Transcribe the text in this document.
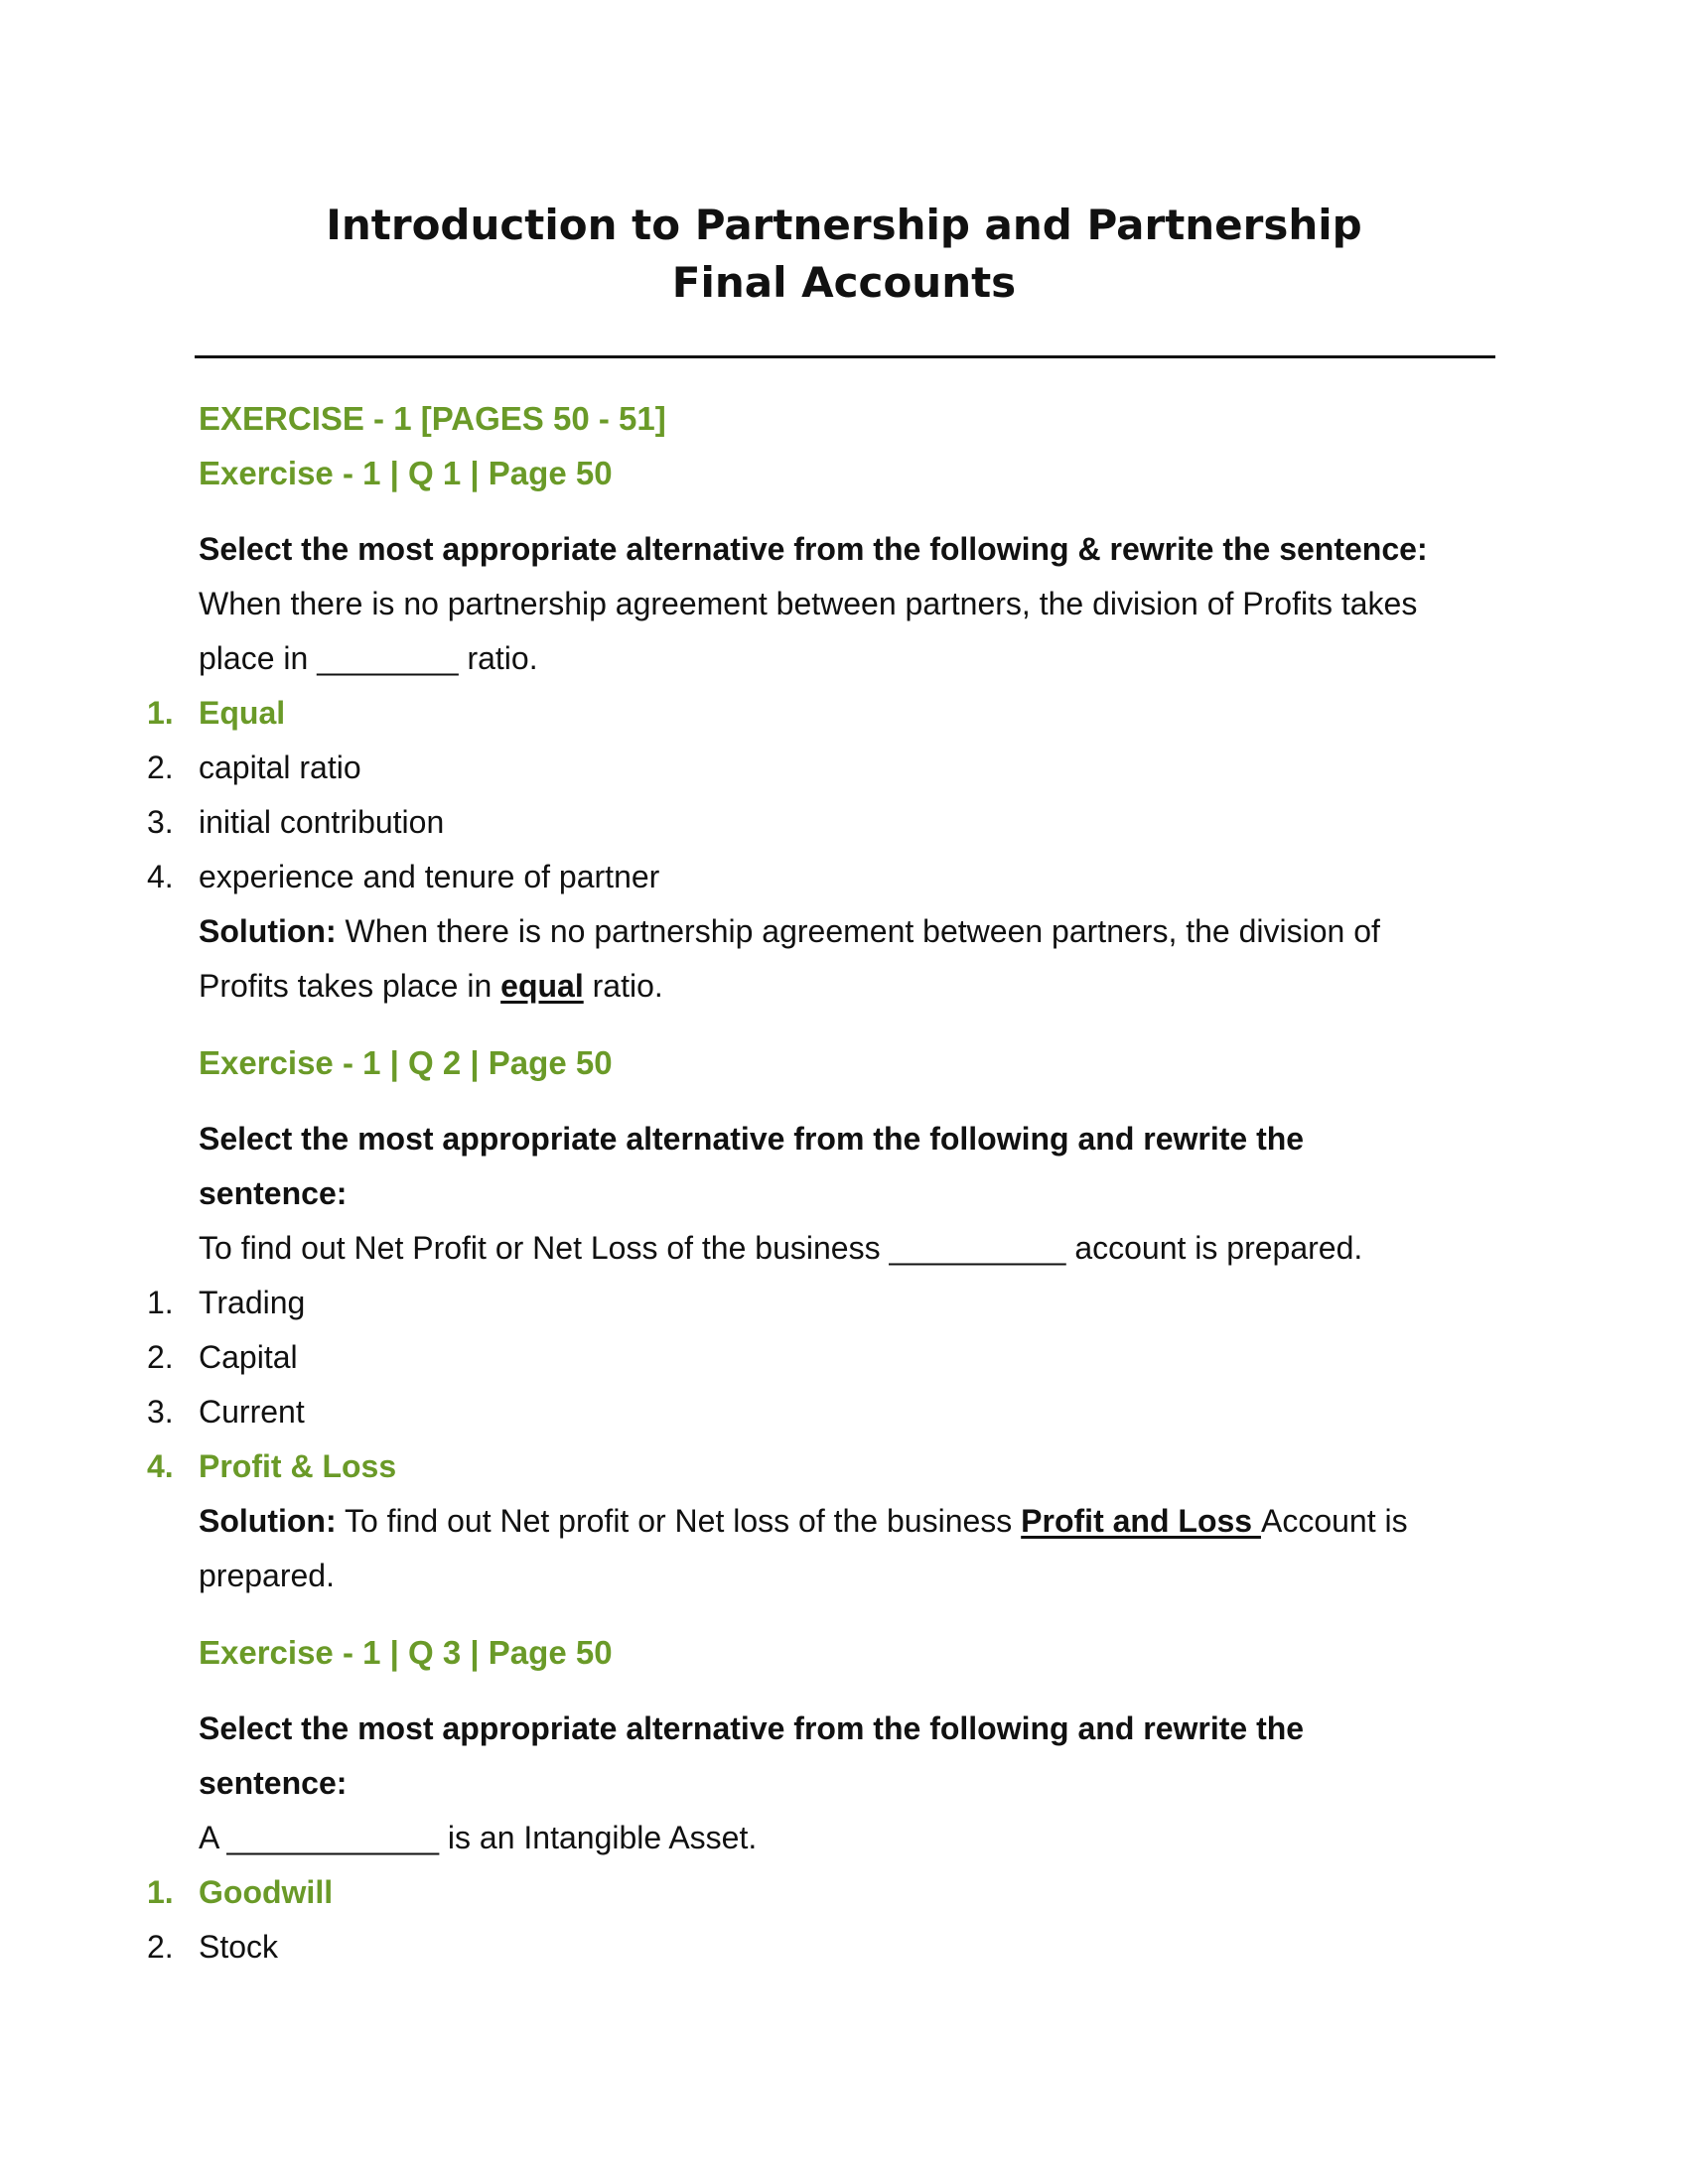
Introduction to Partnership and Partnership
Final Accounts
EXERCISE - 1 [PAGES 50 - 51]
Exercise - 1 | Q 1 | Page 50
Select the most appropriate alternative from the following & rewrite the sentence:
When there is no partnership agreement between partners, the division of Profits takes
place in ________ ratio.
1. Equal
2. capital ratio
3. initial contribution
4. experience and tenure of partner
Solution: When there is no partnership agreement between partners, the division of
Profits takes place in equal ratio.
Exercise - 1 | Q 2 | Page 50
Select the most appropriate alternative from the following and rewrite the
sentence:
To find out Net Profit or Net Loss of the business __________ account is prepared.
1. Trading
2. Capital
3. Current
4. Profit & Loss
Solution: To find out Net profit or Net loss of the business Profit and Loss Account is
prepared.
Exercise - 1 | Q 3 | Page 50
Select the most appropriate alternative from the following and rewrite the
sentence:
A ____________ is an Intangible Asset.
1. Goodwill
2. Stock
